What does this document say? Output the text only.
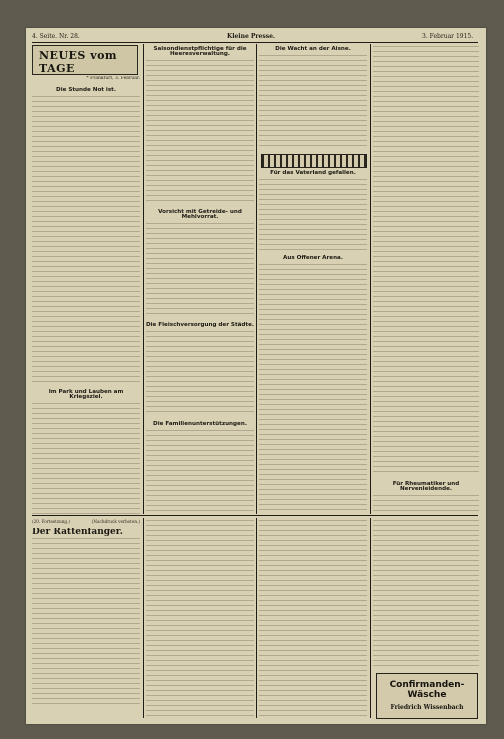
4. Seite. Nr. 28.	Kleine Presse.	3. Februar 1915.
NEUES vom TAGE
* Frankfurt, 3. Februar.
Die Stunde Not ist.
Im Park und Lauben am Kriegsziel.
Saisondienstpflichtige für die Heeresverwaltung.
Vorsicht mit Getreide- und Mehlvorrat.
Die Fleischversorgung der Städte.
Die Familienunterstützungen.
Die Wacht an der Aisne.
Für das Vaterland gefallen.
Aus Offener Arena.
Für Rheumatiker und Nervenleidende.
(20. Fortsetzung.)	(Nachdruck verboten.)
Der Rattenfänger.
Confirmanden-Wäsche
Friedrich Wissenbach
